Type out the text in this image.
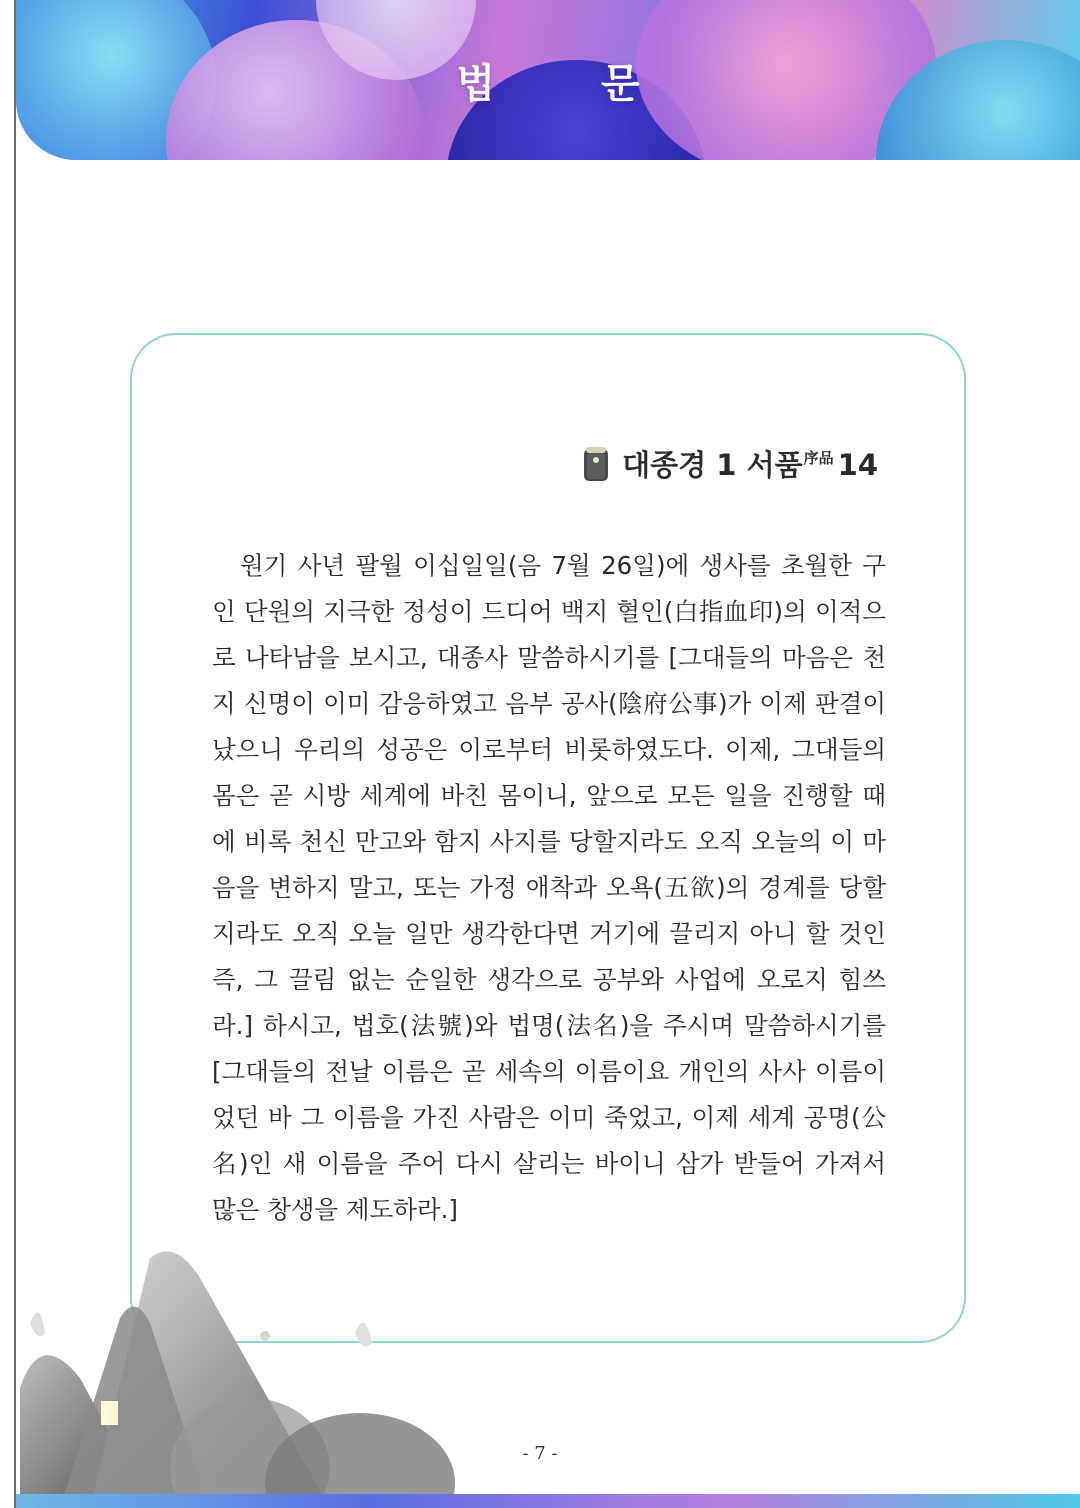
법 문
대종경 1 서품 序品 14

원기 사년 팔월 이십일일(음 7월 26일)에 생사를 초월한 구인 단원의 지극한 정성이 드디어 백지 혈인(白指血印)의 이적으로 나타남을 보시고, 대종사 말씀하시기를 [그대들의 마음은 천지 신명이 이미 감응하였고 음부 공사(陰府公事)가 이제 판결이 났으니 우리의 성공은 이로부터 비롯하였도다. 이제, 그대들의 몸은 곧 시방 세계에 바친 몸이니, 앞으로 모든 일을 진행할 때에 비록 천신 만고와 함지 사지를 당할지라도 오직 오늘의 이 마음을 변하지 말고, 또는 가정 애착과 오욕(五欲)의 경계를 당할지라도 오직 오늘 일만 생각한다면 거기에 끌리지 아니 할 것인 즉, 그 끌림 없는 순일한 생각으로 공부와 사업에 오로지 힘쓰라.] 하시고, 법호(法號)와 법명(法名)을 주시며 말씀하시기를 [그대들의 전날 이름은 곧 세속의 이름이요 개인의 사사 이름이었던 바 그 이름을 가진 사람은 이미 죽었고, 이제 세계 공명(公名)인 새 이름을 주어 다시 살리는 바이니 삼가 받들어 가져서 많은 창생을 제도하라.]

- 7 -
